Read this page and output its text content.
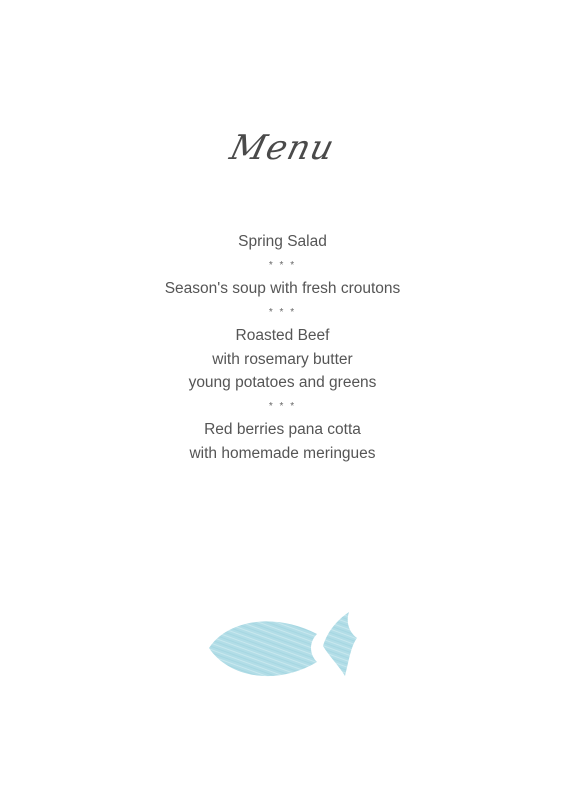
Menu
Spring Salad
* * *
Season's soup with fresh croutons
* * *
Roasted Beef
with rosemary butter
young potatoes and greens
* * *
Red berries pana cotta
with homemade meringues
